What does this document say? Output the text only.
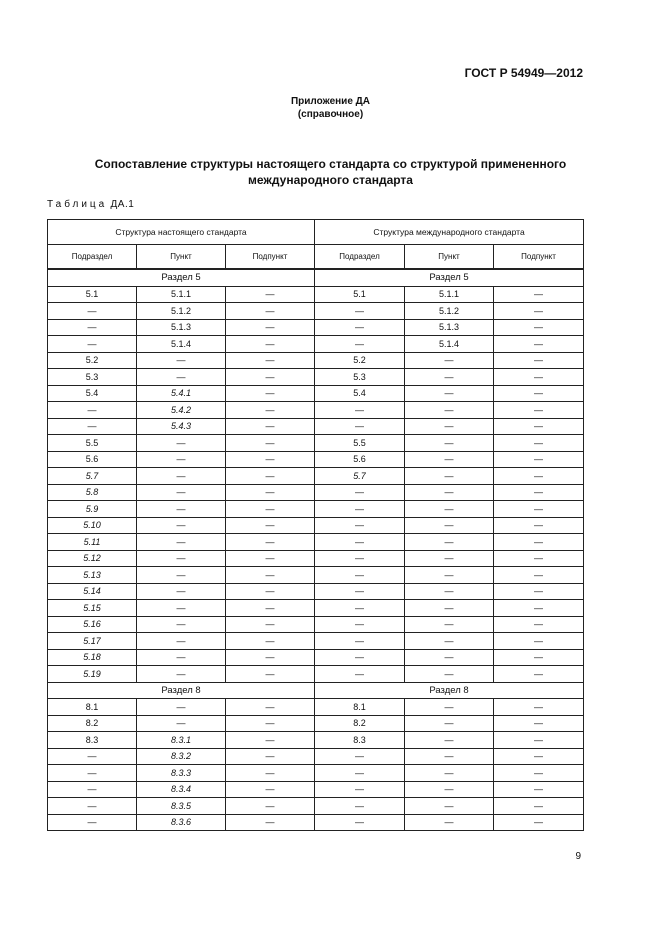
ГОСТ Р 54949—2012
Приложение ДА
(справочное)
Сопоставление структуры настоящего стандарта со структурой примененного
международного стандарта
Таблица ДА.1
Структура настоящего стандарта			Структура международного стандарта		
Подраздел	Пункт	Подпункт	Подраздел	Пункт	Подпункт
Раздел 5			Раздел 5		
5.1	5.1.1	—	5.1	5.1.1	—
—	5.1.2	—	—	5.1.2	—
—	5.1.3	—	—	5.1.3	—
—	5.1.4	—	—	5.1.4	—
5.2	—	—	5.2	—	—
5.3	—	—	5.3	—	—
5.4	5.4.1	—	5.4	—	—
—	5.4.2	—	—	—	—
—	5.4.3	—	—	—	—
5.5	—	—	5.5	—	—
5.6	—	—	5.6	—	—
5.7	—	—	5.7	—	—
5.8	—	—	—	—	—
5.9	—	—	—	—	—
5.10	—	—	—	—	—
5.11	—	—	—	—	—
5.12	—	—	—	—	—
5.13	—	—	—	—	—
5.14	—	—	—	—	—
5.15	—	—	—	—	—
5.16	—	—	—	—	—
5.17	—	—	—	—	—
5.18	—	—	—	—	—
5.19	—	—	—	—	—
Раздел 8			Раздел 8		
8.1	—	—	8.1	—	—
8.2	—	—	8.2	—	—
8.3	8.3.1	—	8.3	—	—
—	8.3.2	—	—	—	—
—	8.3.3	—	—	—	—
—	8.3.4	—	—	—	—
—	8.3.5	—	—	—	—
—	8.3.6	—	—	—	—
9
